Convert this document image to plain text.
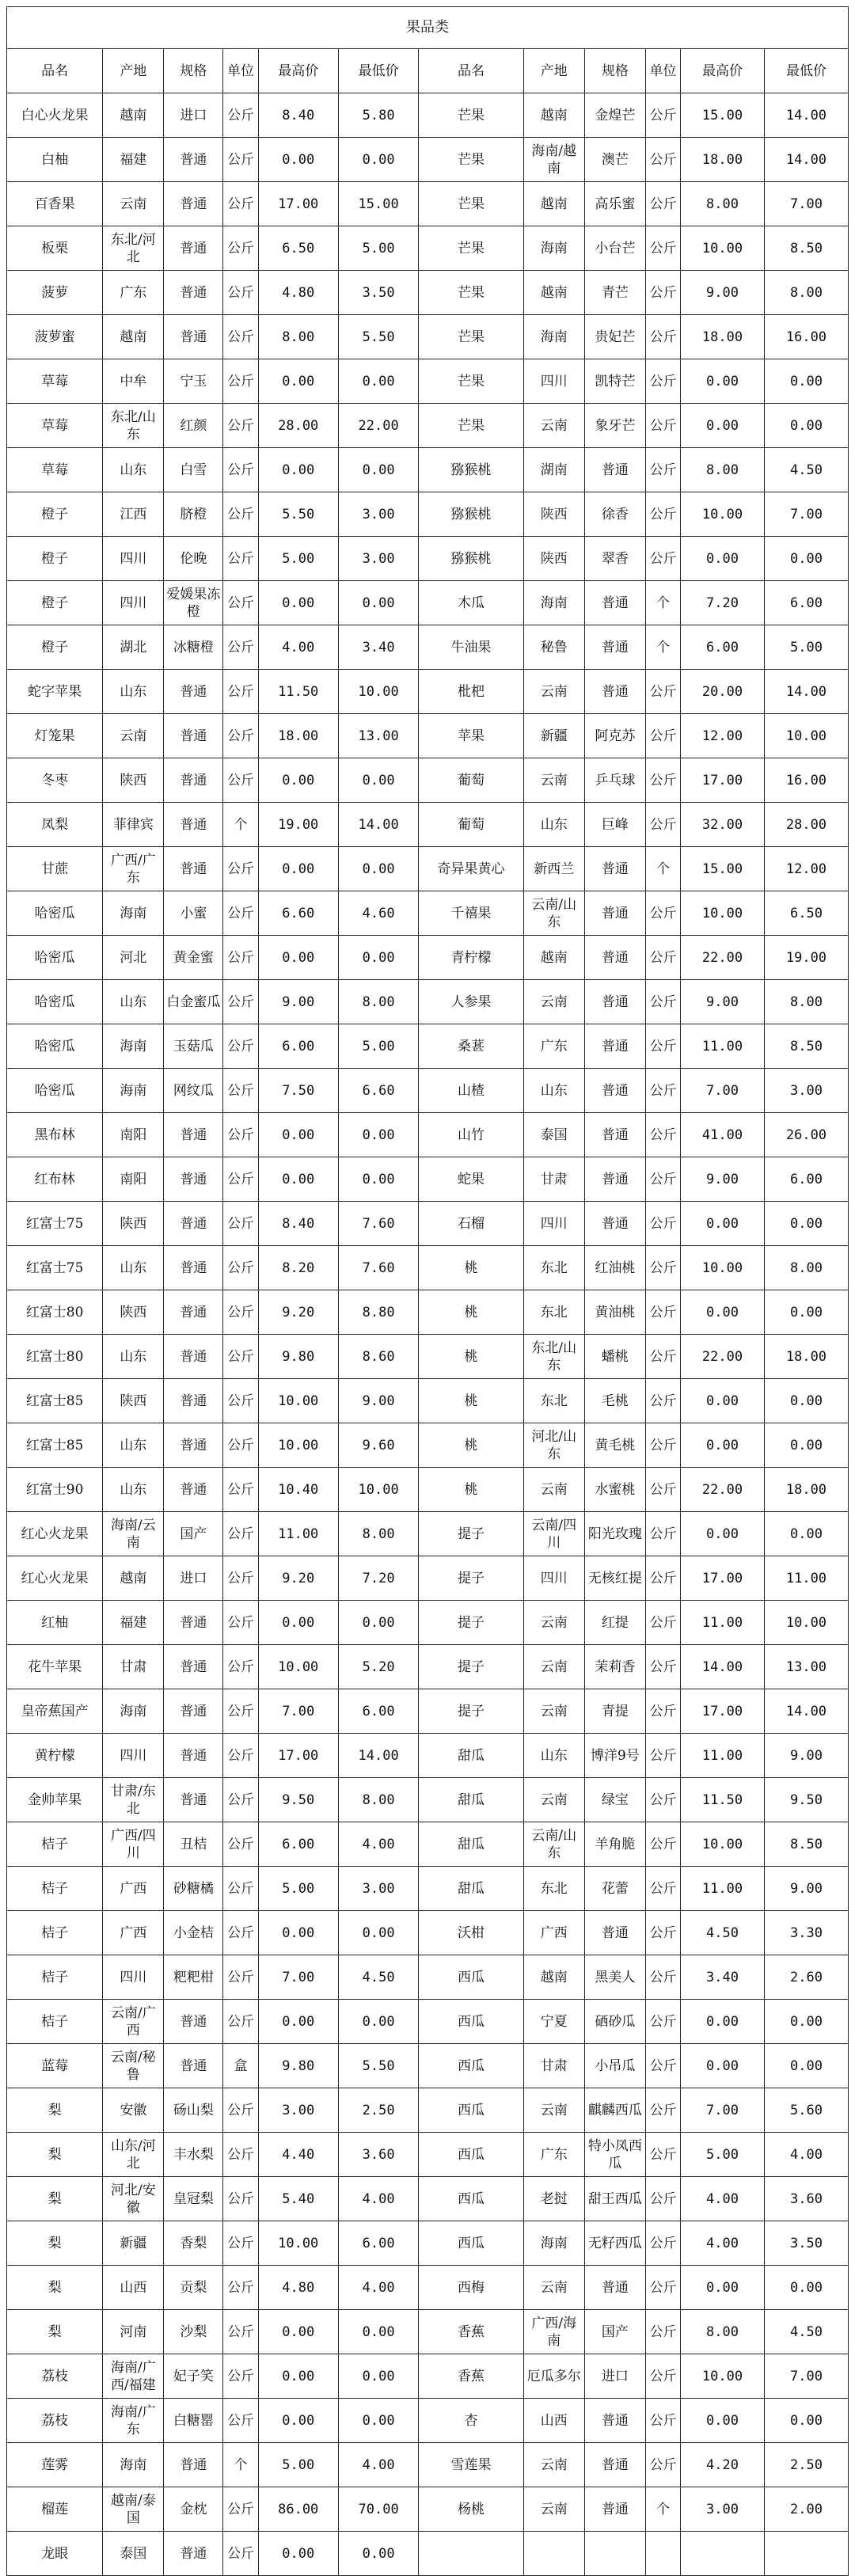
果品类											
品名	产地	规格	单位	最高价	最低价	品名	产地	规格	单位	最高价	最低价
白心火龙果	越南	进口	公斤	8.40	5.80	芒果	越南	金煌芒	公斤	15.00	14.00
白柚	福建	普通	公斤	0.00	0.00	芒果	海南/越南	澳芒	公斤	18.00	14.00
百香果	云南	普通	公斤	17.00	15.00	芒果	越南	高乐蜜	公斤	8.00	7.00
板栗	东北/河北	普通	公斤	6.50	5.00	芒果	海南	小台芒	公斤	10.00	8.50
菠萝	广东	普通	公斤	4.80	3.50	芒果	越南	青芒	公斤	9.00	8.00
菠萝蜜	越南	普通	公斤	8.00	5.50	芒果	海南	贵妃芒	公斤	18.00	16.00
草莓	中牟	宁玉	公斤	0.00	0.00	芒果	四川	凯特芒	公斤	0.00	0.00
草莓	东北/山东	红颜	公斤	28.00	22.00	芒果	云南	象牙芒	公斤	0.00	0.00
草莓	山东	白雪	公斤	0.00	0.00	猕猴桃	湖南	普通	公斤	8.00	4.50
橙子	江西	脐橙	公斤	5.50	3.00	猕猴桃	陕西	徐香	公斤	10.00	7.00
橙子	四川	伦晚	公斤	5.00	3.00	猕猴桃	陕西	翠香	公斤	0.00	0.00
橙子	四川	爱媛果冻橙	公斤	0.00	0.00	木瓜	海南	普通	个	7.20	6.00
橙子	湖北	冰糖橙	公斤	4.00	3.40	牛油果	秘鲁	普通	个	6.00	5.00
蛇字苹果	山东	普通	公斤	11.50	10.00	枇杷	云南	普通	公斤	20.00	14.00
灯笼果	云南	普通	公斤	18.00	13.00	苹果	新疆	阿克苏	公斤	12.00	10.00
冬枣	陕西	普通	公斤	0.00	0.00	葡萄	云南	乒乓球	公斤	17.00	16.00
凤梨	菲律宾	普通	个	19.00	14.00	葡萄	山东	巨峰	公斤	32.00	28.00
甘蔗	广西/广东	普通	公斤	0.00	0.00	奇异果黄心	新西兰	普通	个	15.00	12.00
哈密瓜	海南	小蜜	公斤	6.60	4.60	千禧果	云南/山东	普通	公斤	10.00	6.50
哈密瓜	河北	黄金蜜	公斤	0.00	0.00	青柠檬	越南	普通	公斤	22.00	19.00
哈密瓜	山东	白金蜜瓜	公斤	9.00	8.00	人参果	云南	普通	公斤	9.00	8.00
哈密瓜	海南	玉菇瓜	公斤	6.00	5.00	桑葚	广东	普通	公斤	11.00	8.50
哈密瓜	海南	网纹瓜	公斤	7.50	6.60	山楂	山东	普通	公斤	7.00	3.00
黑布林	南阳	普通	公斤	0.00	0.00	山竹	泰国	普通	公斤	41.00	26.00
红布林	南阳	普通	公斤	0.00	0.00	蛇果	甘肃	普通	公斤	9.00	6.00
红富士75	陕西	普通	公斤	8.40	7.60	石榴	四川	普通	公斤	0.00	0.00
红富士75	山东	普通	公斤	8.20	7.60	桃	东北	红油桃	公斤	10.00	8.00
红富士80	陕西	普通	公斤	9.20	8.80	桃	东北	黄油桃	公斤	0.00	0.00
红富士80	山东	普通	公斤	9.80	8.60	桃	东北/山东	蟠桃	公斤	22.00	18.00
红富士85	陕西	普通	公斤	10.00	9.00	桃	东北	毛桃	公斤	0.00	0.00
红富士85	山东	普通	公斤	10.00	9.60	桃	河北/山东	黄毛桃	公斤	0.00	0.00
红富士90	山东	普通	公斤	10.40	10.00	桃	云南	水蜜桃	公斤	22.00	18.00
红心火龙果	海南/云南	国产	公斤	11.00	8.00	提子	云南/四川	阳光玫瑰	公斤	0.00	0.00
红心火龙果	越南	进口	公斤	9.20	7.20	提子	四川	无核红提	公斤	17.00	11.00
红柚	福建	普通	公斤	0.00	0.00	提子	云南	红提	公斤	11.00	10.00
花牛苹果	甘肃	普通	公斤	10.00	5.20	提子	云南	茉莉香	公斤	14.00	13.00
皇帝蕉国产	海南	普通	公斤	7.00	6.00	提子	云南	青提	公斤	17.00	14.00
黄柠檬	四川	普通	公斤	17.00	14.00	甜瓜	山东	博洋9号	公斤	11.00	9.00
金帅苹果	甘肃/东北	普通	公斤	9.50	8.00	甜瓜	云南	绿宝	公斤	11.50	9.50
桔子	广西/四川	丑桔	公斤	6.00	4.00	甜瓜	云南/山东	羊角脆	公斤	10.00	8.50
桔子	广西	砂糖橘	公斤	5.00	3.00	甜瓜	东北	花蕾	公斤	11.00	9.00
桔子	广西	小金桔	公斤	0.00	0.00	沃柑	广西	普通	公斤	4.50	3.30
桔子	四川	粑粑柑	公斤	7.00	4.50	西瓜	越南	黑美人	公斤	3.40	2.60
桔子	云南/广西	普通	公斤	0.00	0.00	西瓜	宁夏	硒砂瓜	公斤	0.00	0.00
蓝莓	云南/秘鲁	普通	盒	9.80	5.50	西瓜	甘肃	小吊瓜	公斤	0.00	0.00
梨	安徽	砀山梨	公斤	3.00	2.50	西瓜	云南	麒麟西瓜	公斤	7.00	5.60
梨	山东/河北	丰水梨	公斤	4.40	3.60	西瓜	广东	特小凤西瓜	公斤	5.00	4.00
梨	河北/安徽	皇冠梨	公斤	5.40	4.00	西瓜	老挝	甜王西瓜	公斤	4.00	3.60
梨	新疆	香梨	公斤	10.00	6.00	西瓜	海南	无籽西瓜	公斤	4.00	3.50
梨	山西	贡梨	公斤	4.80	4.00	西梅	云南	普通	公斤	0.00	0.00
梨	河南	沙梨	公斤	0.00	0.00	香蕉	广西/海南	国产	公斤	8.00	4.50
荔枝	海南/广西/福建	妃子笑	公斤	0.00	0.00	香蕉	厄瓜多尔	进口	公斤	10.00	7.00
荔枝	海南/广东	白糖罂	公斤	0.00	0.00	杏	山西	普通	公斤	0.00	0.00
莲雾	海南	普通	个	5.00	4.00	雪莲果	云南	普通	公斤	4.20	2.50
榴莲	越南/泰国	金枕	公斤	86.00	70.00	杨桃	云南	普通	个	3.00	2.00
龙眼	泰国	普通	公斤	0.00	0.00						
